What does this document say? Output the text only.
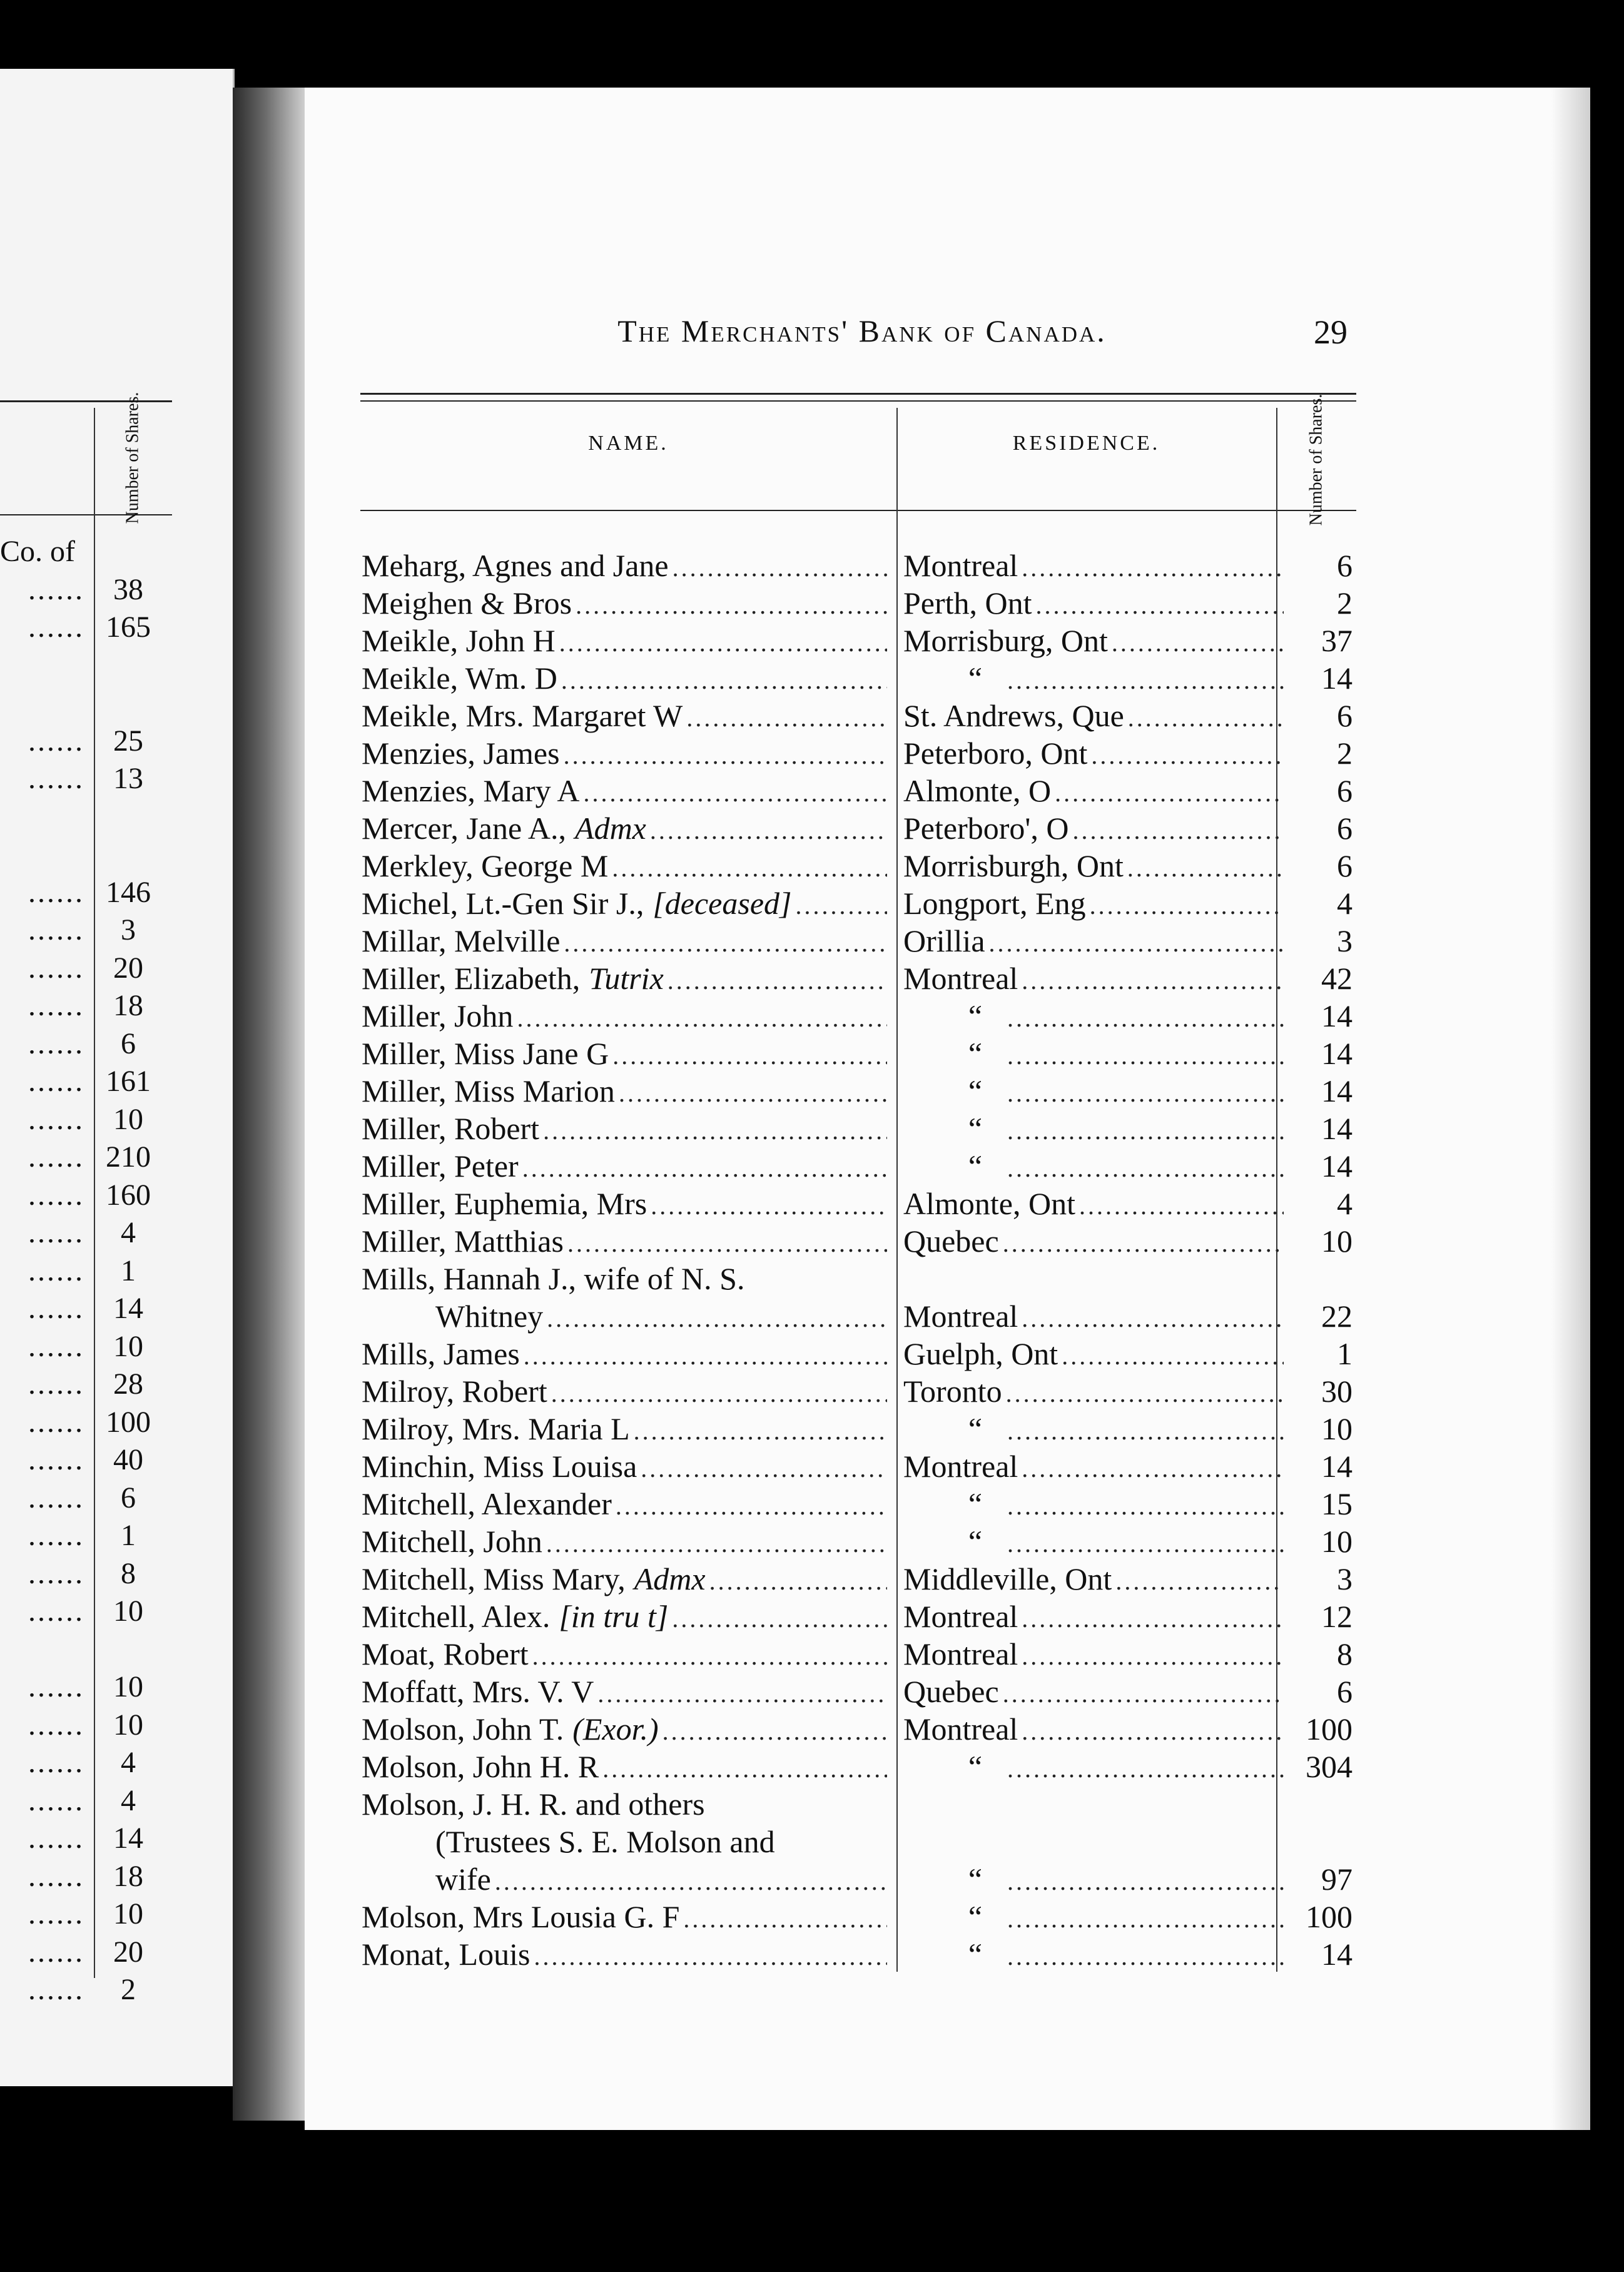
Number of Shares.
Co. of
...... 38
...... 165
...... 25
...... 13
...... 146
......	3
...... 20
...... 18
......	6
...... 161
...... 10
...... 210
...... 160
......	4
......	1
...... 14
...... 10
...... 28
...... 100
...... 40
......	6
......	1
......	8
...... 10
...... 10
...... 10
......	4
......	4
...... 14
...... 18
...... 10
...... 20
......	2
The Merchants' Bank of Canada.	29
NAME.	RESIDENCE.	Number of Shares.
Meharg, Agnes and Jane .....	Montreal .....	6
Meighen & Bros .....	Perth, Ont .....	2
Meikle, John H .....	Morrisburg, Ont .....	37
Meikle, Wm. D .....	“ .....	14
Meikle, Mrs. Margaret W .....	St. Andrews, Que .....	6
Menzies, James .....	Peterboro, Ont .....	2
Menzies, Mary A .....	Almonte, O .....	6
Mercer, Jane A., Admx .....	Peterboro', O .....	6
Merkley, George M .....	Morrisburgh, Ont .....	6
Michel, Lt.-Gen Sir J., [deceased] .....	Longport, Eng .....	4
Millar, Melville .....	Orillia .....	3
Miller, Elizabeth, Tutrix .....	Montreal .....	42
Miller, John .....	“ .....	14
Miller, Miss Jane G .....	“ .....	14
Miller, Miss Marion .....	“ .....	14
Miller, Robert .....	“ .....	14
Miller, Peter .....	“ .....	14
Miller, Euphemia, Mrs .....	Almonte, Ont .....	4
Miller, Matthias .....	Quebec .....	10
Mills, Hannah J., wife of N. S.
Whitney .....	Montreal .....	22
Mills, James .....	Guelph, Ont .....	1
Milroy, Robert .....	Toronto .....	30
Milroy, Mrs. Maria L .....	“ .....	10
Minchin, Miss Louisa .....	Montreal .....	14
Mitchell, Alexander .....	“ .....	15
Mitchell, John .....	“ .....	10
Mitchell, Miss Mary, Admx .....	Middleville, Ont .....	3
Mitchell, Alex. [in tru t] .....	Montreal .....	12
Moat, Robert .....	Montreal .....	8
Moffatt, Mrs. V. V .....	Quebec .....	6
Molson, John T. (Exor.) .....	Montreal .....	100
Molson, John H. R .....	“ .....	304
Molson, J. H. R. and others
(Trustees S. E. Molson and
wife .....	“ .....	97
Molson, Mrs Lousia G. F .....	“ .....	100
Monat, Louis .....	“ .....	14
